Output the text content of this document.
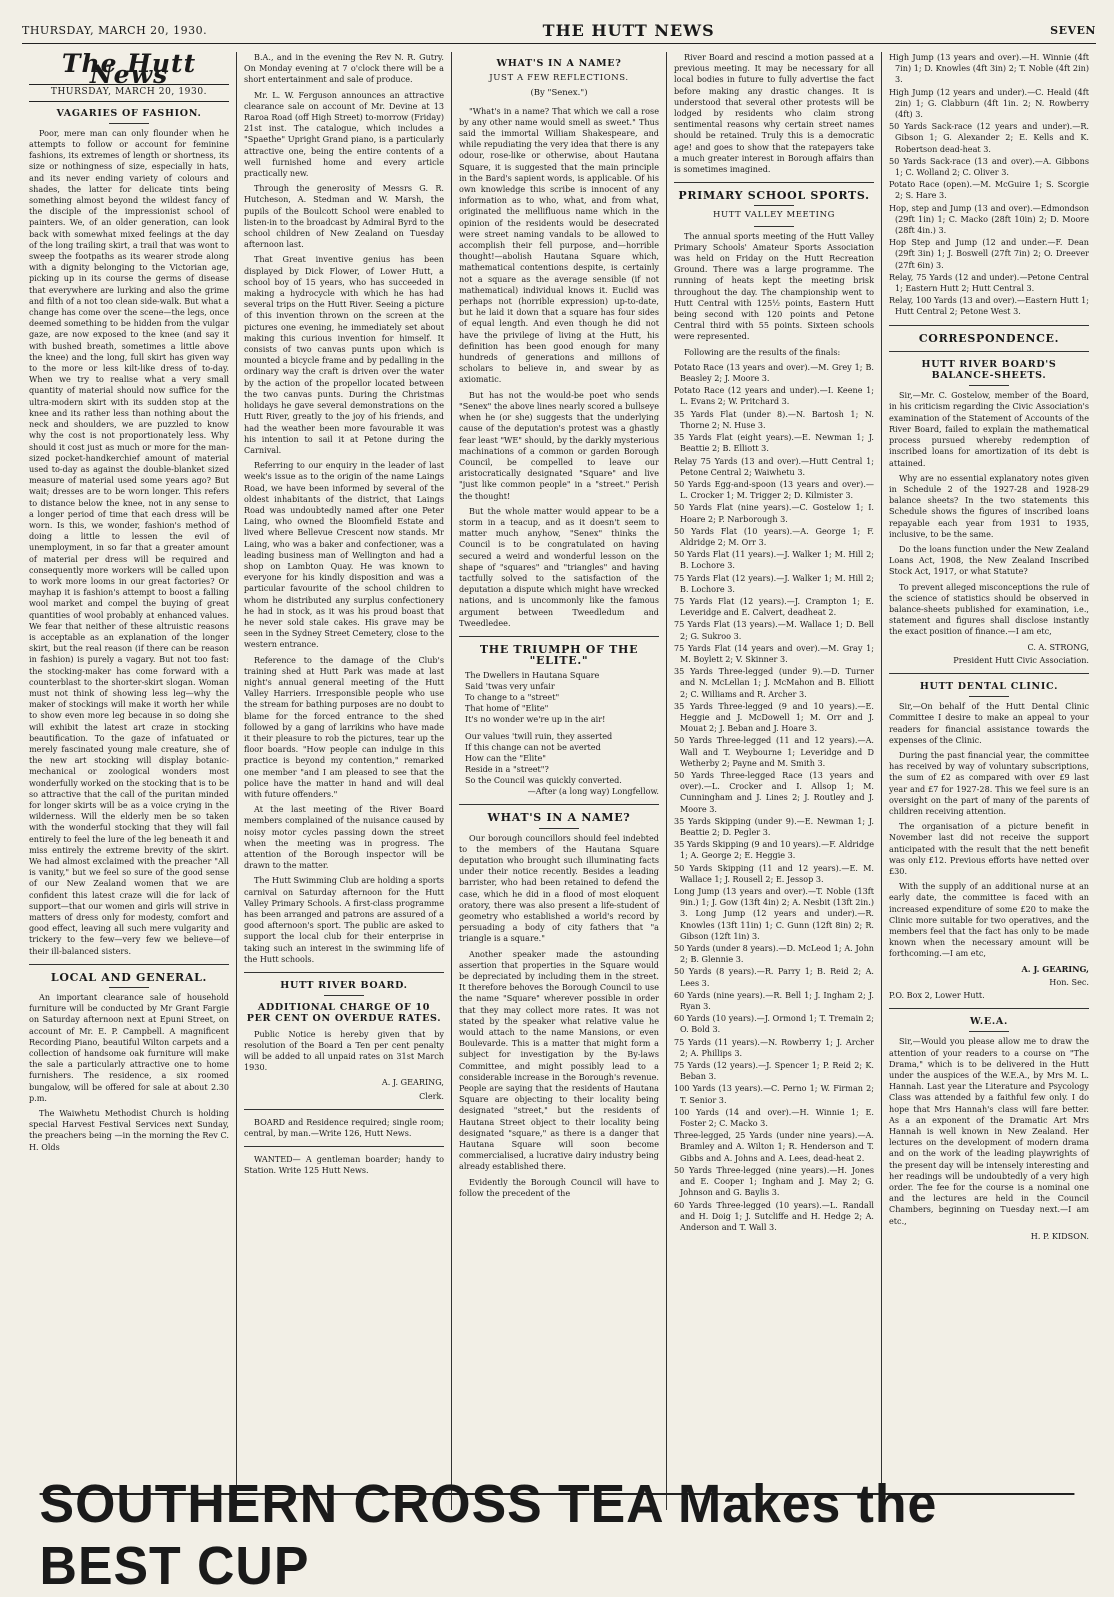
THURSDAY, MARCH 20, 1930.	THE HUTT NEWS	SEVEN
The Hutt News
THURSDAY, MARCH 20, 1930.
VAGARIES OF FASHION.

Poor, mere man can only flounder when he attempts to follow or account for feminine fashions, its extremes of length or shortness, its size or nothingness of size, especially in hats, and its never ending variety of colours and shades, the latter for delicate tints being something almost beyond the wildest fancy of the disciple of the impressionist school of painters. We, of an older generation, can look back with somewhat mixed feelings at the day of the long trailing skirt, a trail that was wont to sweep the footpaths as its wearer strode along with a dignity belonging to the Victorian age, picking up in its course the germs of disease that everywhere are lurking and also the grime and filth of a not too clean side-walk. But what a change has come over the scene—the legs, once deemed something to be hidden from the vulgar gaze, are now exposed to the knee (and say it with bushed breath, sometimes a little above the knee) and the long, full skirt has given way to the more or less kilt-like dress of to-day. When we try to realise what a very small quantity of material should now suffice for the ultra-modern skirt with its sudden stop at the knee and its rather less than nothing about the neck and shoulders, we are puzzled to know why the cost is not proportionately less. Why should it cost just as much or more for the man-sized pocket-handkerchief amount of material used to-day as against the double-blanket sized measure of material used some years ago? But wait; dresses are to be worn longer. This refers to distance below the knee, not in any sense to a longer period of time that each dress will be worn. Is this, we wonder, fashion's method of doing a little to lessen the evil of unemployment, in so far that a greater amount of material per dress will be required and consequently more workers will be called upon to work more looms in our great factories? Or mayhap it is fashion's attempt to boost a falling wool market and compel the buying of great quantities of wool probably at enhanced values. We fear that neither of these altruistic reasons is acceptable as an explanation of the longer skirt, but the real reason (if there can be reason in fashion) is purely a vagary. But not too fast: the stocking-maker has come forward with a counterblast to the shorter-skirt slogan. Woman must not think of showing less leg—why the maker of stockings will make it worth her while to show even more leg because in so doing she will exhibit the latest art craze in stocking beautification. To the gaze of infatuated or merely fascinated young male creature, she of the new art stocking will display botanic-mechanical or zoological wonders most wonderfully worked on the stocking that is to be so attractive that the call of the puritan minded for longer skirts will be as a voice crying in the wilderness. Will the elderly men be so taken with the wonderful stocking that they will fail entirely to feel the lure of the leg beneath it and miss entirely the extreme brevity of the skirt. We had almost exclaimed with the preacher "All is vanity," but we feel so sure of the good sense of our New Zealand women that we are confident this latest craze will die for lack of support—that our women and girls will strive in matters of dress only for modesty, comfort and good effect, leaving all such mere vulgarity and trickery to the few—very few we believe—of their ill-balanced sisters.

LOCAL AND GENERAL.

An important clearance sale of household furniture will be conducted by Mr Grant Fargie on Saturday afternoon next at Epuni Street, on account of Mr. E. P. Campbell. A magnificent Recording Piano, beautiful Wilton carpets and a collection of handsome oak furniture will make the sale a particularly attractive one to home furnishers. The residence, a six roomed bungalow, will be offered for sale at about 2.30 p.m.

The Waiwhetu Methodist Church is holding special Harvest Festival Services next Sunday, the preachers being —in the morning the Rev C. H. Olds

B.A., and in the evening the Rev N. R. Gutry. On Monday evening at 7 o'clock there will be a short entertainment and sale of produce.

Mr. L. W. Ferguson announces an attractive clearance sale on account of Mr. Devine at 13 Raroa Road (off High Street) to-morrow (Friday) 21st inst. The catalogue, which includes a "Spaethe" Upright Grand piano, is a particularly attractive one, being the entire contents of a well furnished home and every article practically new.

Through the generosity of Messrs G. R. Hutcheson, A. Stedman and W. Marsh, the pupils of the Boulcott School were enabled to listen-in to the broadcast by Admiral Byrd to the school children of New Zealand on Tuesday afternoon last.

That Great inventive genius has been displayed by Dick Flower, of Lower Hutt, a school boy of 15 years, who has succeeded in making a hydrocycle with which he has had several trips on the Hutt River. Seeing a picture of this invention thrown on the screen at the pictures one evening, he immediately set about making this curious invention for himself. It consists of two canvas punts upon which is mounted a bicycle frame and by pedalling in the ordinary way the craft is driven over the water by the action of the propellor located between the two canvas punts. During the Christmas holidays he gave several demonstrations on the Hutt River, greatly to the joy of his friends, and had the weather been more favourable it was his intention to sail it at Petone during the Carnival.

Referring to our enquiry in the leader of last week's issue as to the origin of the name Laings Road, we have been informed by several of the oldest inhabitants of the district, that Laings Road was undoubtedly named after one Peter Laing, who owned the Bloomfield Estate and lived where Bellevue Crescent now stands. Mr Laing, who was a baker and confectioner, was a leading business man of Wellington and had a shop on Lambton Quay. He was known to everyone for his kindly disposition and was a particular favourite of the school children to whom he distributed any surplus confectionery he had in stock, as it was his proud boast that he never sold stale cakes. His grave may be seen in the Sydney Street Cemetery, close to the western entrance.

Reference to the damage of the Club's training shed at Hutt Park was made at last night's annual general meeting of the Hutt Valley Harriers. Irresponsible people who use the stream for bathing purposes are no doubt to blame for the forced entrance to the shed followed by a gang of larrikins who have made it their pleasure to rob the pictures, tear up the floor boards. "How people can indulge in this practice is beyond my contention," remarked one member "and I am pleased to see that the police have the matter in hand and will deal with future offenders."

At the last meeting of the River Board members complained of the nuisance caused by noisy motor cycles passing down the street when the meeting was in progress. The attention of the Borough inspector will be drawn to the matter.

The Hutt Swimming Club are holding a sports carnival on Saturday afternoon for the Hutt Valley Primary Schools. A first-class programme has been arranged and patrons are assured of a good afternoon's sport. The public are asked to support the local club for their enterprise in taking such an interest in the swimming life of the Hutt schools.

HUTT RIVER BOARD.
ADDITIONAL CHARGE OF 10 PER CENT ON OVERDUE RATES.

Public Notice is hereby given that by resolution of the Board a Ten per cent penalty will be added to all unpaid rates on 31st March 1930.

A. J. GEARING,
Clerk.

BOARD and Residence required; single room; central, by man.—Write 126, Hutt News.

WANTED— A gentleman boarder; handy to Station. Write 125 Hutt News.

WHAT'S IN A NAME?
JUST A FEW REFLECTIONS.
(By "Senex.")

"What's in a name? That which we call a rose by any other name would smell as sweet." Thus said the immortal William Shakespeare, and while repudiating the very idea that there is any odour, rose-like or otherwise, about Hautana Square, it is suggested that the main principle in the Bard's sapient words, is applicable. Of his own knowledge this scribe is innocent of any information as to who, what, and from what, originated the mellifluous name which in the opinion of the residents would be desecrated were street naming vandals to be allowed to accomplish their fell purpose, and—horrible thought!—abolish Hautana Square which, mathematical contentions despite, is certainly not a square as the average sensible (if not mathematical) individual knows it. Euclid was perhaps not (horrible expression) up-to-date, but he laid it down that a square has four sides of equal length. And even though he did not have the privilege of living at the Hutt, his definition has been good enough for many hundreds of generations and millions of scholars to believe in, and swear by as axiomatic.

But has not the would-be poet who sends "Senex" the above lines nearly scored a bullseye when he (or she) suggests that the underlying cause of the deputation's protest was a ghastly fear least "WE" should, by the darkly mysterious machinations of a common or garden Borough Council, be compelled to leave our aristocratically designated "Square" and live "just like common people" in a "street." Perish the thought!

But the whole matter would appear to be a storm in a teacup, and as it doesn't seem to matter much anyhow, "Senex" thinks the Council is to be congratulated on having secured a weird and wonderful lesson on the shape of "squares" and "triangles" and having tactfully solved to the satisfaction of the deputation a dispute which might have wrecked nations, and is uncommonly like the famous argument between Tweedledum and Tweedledee.

THE TRIUMPH OF THE "ELITE."
The Dwellers in Hautana Square
Said 'twas very unfair
To change to a "street"
That home of "Elite"
It's no wonder we're up in the air!
Our values 'twill ruin, they asserted
If this change can not be averted
How can the "Elite"
Reside in a "street"?
So the Council was quickly converted.
—After (a long way) Longfellow.
WHAT'S IN A NAME?

Our borough councillors should feel indebted to the members of the Hautana Square deputation who brought such illuminating facts under their notice recently. Besides a leading barrister, who had been retained to defend the case, which he did in a flood of most eloquent oratory, there was also present a life-student of geometry who established a world's record by persuading a body of city fathers that "a triangle is a square."

Another speaker made the astounding assertion that properties in the Square would be depreciated by including them in the street. It therefore behoves the Borough Council to use the name "Square" wherever possible in order that they may collect more rates. It was not stated by the speaker what relative value he would attach to the name Mansions, or even Boulevarde. This is a matter that might form a subject for investigation by the By-laws Committee, and might possibly lead to a considerable increase in the Borough's revenue. People are saying that the residents of Hautana Square are objecting to their locality being designated "street," but the residents of Hautana Street object to their locality being designated "square," as there is a danger that Hautana Square will soon become commercialised, a lucrative dairy industry being already established there.

Evidently the Borough Council will have to follow the precedent of the

River Board and rescind a motion passed at a previous meeting. It may be necessary for all local bodies in future to fully advertise the fact before making any drastic changes. It is understood that several other protests will be lodged by residents who claim strong sentimental reasons why certain street names should be retained. Truly this is a democratic age! and goes to show that the ratepayers take a much greater interest in Borough affairs than is sometimes imagined.

PRIMARY SCHOOL SPORTS.
HUTT VALLEY MEETING

The annual sports meeting of the Hutt Valley Primary Schools' Amateur Sports Association was held on Friday on the Hutt Recreation Ground. There was a large programme. The running of heats kept the meeting brisk throughout the day. The championship went to Hutt Central with 125½ points, Eastern Hutt being second with 120 points and Petone Central third with 55 points. Sixteen schools were represented.

Following are the results of the finals:

Potato Race (13 years and over).—M. Grey 1; B. Beasley 2; J. Moore 3.
Potato Race (12 years and under).—I. Keene 1; L. Evans 2; W. Pritchard 3.
35 Yards Flat (under 8).—N. Bartosh 1; N. Thorne 2; N. Huse 3.
35 Yards Flat (eight years).—E. Newman 1; J. Beattie 2; B. Elliott 3.
Relay 75 Yards (13 and over).—Hutt Central 1; Petone Central 2; Waiwhetu 3.
50 Yards Egg-and-spoon (13 years and over).—L. Crocker 1; M. Trigger 2; D. Kilmister 3.
50 Yards Flat (nine years).—C. Gostelow 1; I. Hoare 2; P. Narborough 3.
50 Yards Flat (10 years).—A. George 1; F. Aldridge 2; M. Orr 3.
50 Yards Flat (11 years).—J. Walker 1; M. Hill 2; B. Lochore 3.
75 Yards Flat (12 years).—J. Walker 1; M. Hill 2; B. Lochore 3.
75 Yards Flat (12 years).—J. Crampton 1; E. Leveridge and E. Calvert, deadheat 2.
75 Yards Flat (13 years).—M. Wallace 1; D. Bell 2; G. Sukroo 3.
75 Yards Flat (14 years and over).—M. Gray 1; M. Boylett 2; V. Skinner 3.
35 Yards Three-legged (under 9).—D. Turner and N. McLellan 1; J. McMahon and B. Elliott 2; C. Williams and R. Archer 3.
35 Yards Three-legged (9 and 10 years).—E. Heggie and J. McDowell 1; M. Orr and J. Mouat 2; J. Beban and J. Hoare 3.
50 Yards Three-legged (11 and 12 years).—A. Wall and T. Weybourne 1; Leveridge and D Wetherby 2; Payne and M. Smith 3.
50 Yards Three-legged Race (13 years and over).—L. Crocker and I. Allsop 1; M. Cunningham and J. Lines 2; J. Routley and J. Moore 3.
35 Yards Skipping (under 9).—E. Newman 1; J. Beattie 2; D. Pegler 3.
35 Yards Skipping (9 and 10 years).—F. Aldridge 1; A. George 2; E. Heggie 3.
50 Yards Skipping (11 and 12 years).—E. M. Wallace 1; J. Rousell 2; E. Jessop 3.
Long Jump (13 years and over).—T. Noble (13ft 9in.) 1; J. Gow (13ft 4in) 2; A. Nesbit (13ft 2in.) 3. Long Jump (12 years and under).—R. Knowles (13ft 11in) 1; C. Gunn (12ft 8in) 2; R. Gibson (12ft 1in) 3.
50 Yards (under 8 years).—D. McLeod 1; A. John 2; B. Glennie 3.
50 Yards (8 years).—R. Parry 1; B. Reid 2; A. Lees 3.
60 Yards (nine years).—R. Bell 1; J. Ingham 2; J. Ryan 3.
60 Yards (10 years).—J. Ormond 1; T. Tremain 2; O. Bold 3.
75 Yards (11 years).—N. Rowberry 1; J. Archer 2; A. Phillips 3.
75 Yards (12 years).—J. Spencer 1; P. Reid 2; K. Beban 3.
100 Yards (13 years).—C. Perno 1; W. Firman 2; T. Senior 3.
100 Yards (14 and over).—H. Winnie 1; E. Foster 2; C. Macko 3.
Three-legged, 25 Yards (under nine years).—A. Bramley and A. Wilton 1; R. Henderson and T. Gibbs and A. Johns and A. Lees, dead-heat 2.
50 Yards Three-legged (nine years).—H. Jones and E. Cooper 1; Ingham and J. May 2; G. Johnson and G. Baylis 3.
60 Yards Three-legged (10 years).—L. Randall and H. Doig 1; J. Sutcliffe and H. Hedge 2; A. Anderson and T. Wall 3.
High Jump (13 years and over).—H. Winnie (4ft 7in) 1; D. Knowles (4ft 3in) 2; T. Noble (4ft 2in) 3.
High Jump (12 years and under).—C. Heald (4ft 2in) 1; G. Clabburn (4ft 1in. 2; N. Rowberry (4ft) 3.
50 Yards Sack-race (12 years and under).—R. Gibson 1; G. Alexander 2; E. Kells and K. Robertson dead-heat 3.
50 Yards Sack-race (13 and over).—A. Gibbons 1; C. Wolland 2; C. Oliver 3.
Potato Race (open).—M. McGuire 1; S. Scorgie 2; S. Hare 3.
Hop, step and Jump (13 and over).—Edmondson (29ft 1in) 1; C. Macko (28ft 10in) 2; D. Moore (28ft 4in.) 3.
Hop Step and Jump (12 and under.—F. Dean (29ft 3in) 1; J. Boswell (27ft 7in) 2; O. Dreever (27ft 6in) 3.
Relay, 75 Yards (12 and under).—Petone Central 1; Eastern Hutt 2; Hutt Central 3.
Relay, 100 Yards (13 and over).—Eastern Hutt 1; Hutt Central 2; Petone West 3.
CORRESPONDENCE.
HUTT RIVER BOARD'S BALANCE-SHEETS.

Sir,—Mr. C. Gostelow, member of the Board, in his criticism regarding the Civic Association's examination of the Statement of Accounts of the River Board, failed to explain the mathematical process pursued whereby redemption of inscribed loans for amortization of its debt is attained.

Why are no essential explanatory notes given in Schedule 2 of the 1927-28 and 1928-29 balance sheets? In the two statements this Schedule shows the figures of inscribed loans repayable each year from 1931 to 1935, inclusive, to be the same.

Do the loans function under the New Zealand Loans Act, 1908, the New Zealand Inscribed Stock Act, 1917, or what Statute?

To prevent alleged misconceptions the rule of the science of statistics should be observed in balance-sheets published for examination, i.e., statement and figures shall disclose instantly the exact position of finance.—I am etc,

C. A. STRONG,
President Hutt Civic Association.
HUTT DENTAL CLINIC.

Sir,—On behalf of the Hutt Dental Clinic Committee I desire to make an appeal to your readers for financial assistance towards the expenses of the Clinic.

During the past financial year, the committee has received by way of voluntary subscriptions, the sum of £2 as compared with over £9 last year and £7 for 1927-28. This we feel sure is an oversight on the part of many of the parents of children receiving attention.

The organisation of a picture benefit in November last did not receive the support anticipated with the result that the nett benefit was only £12. Previous efforts have netted over £30.

With the supply of an additional nurse at an early date, the committee is faced with an increased expenditure of some £20 to make the Clinic more suitable for two operatives, and the members feel that the fact has only to be made known when the necessary amount will be forthcoming.—I am etc,

A. J. GEARING,
Hon. Sec.

P.O. Box 2, Lower Hutt.

W.E.A.

Sir,—Would you please allow me to draw the attention of your readers to a course on "The Drama," which is to be delivered in the Hutt under the auspices of the W.E.A., by Mrs M. L. Hannah. Last year the Literature and Psycology Class was attended by a faithful few only. I do hope that Mrs Hannah's class will fare better. As a an exponent of the Dramatic Art Mrs Hannah is well known in New Zealand. Her lectures on the development of modern drama and on the work of the leading playwrights of the present day will be intensely interesting and her readings will be undoubtedly of a very high order. The fee for the course is a nominal one and the lectures are held in the Council Chambers, beginning on Tuesday next.—I am etc.,

H. P. KIDSON.
SOUTHERN CROSS TEA Makes the BEST CUP
